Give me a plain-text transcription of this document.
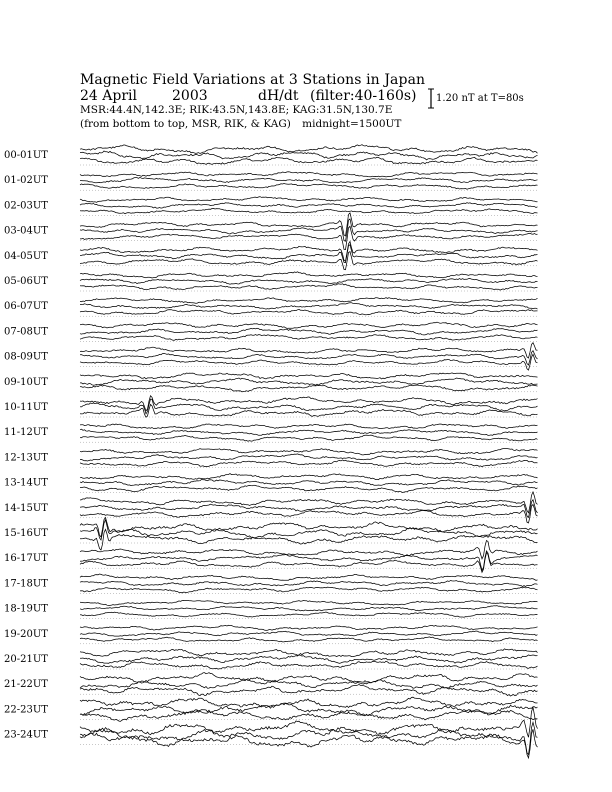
Magnetic Field Variations at 3 Stations in Japan
24 April	2003	dH/dt (filter:40-160s)
MSR:44.4N,142.3E; RIK:43.5N,143.8E; KAG:31.5N,130.7E
(from bottom to top, MSR, RIK, & KAG) midnight=1500UT
1.20 nT at T=80s
00-01UT
01-02UT
02-03UT
03-04UT
04-05UT
05-06UT
06-07UT
07-08UT
08-09UT
09-10UT
10-11UT
11-12UT
12-13UT
13-14UT
14-15UT
15-16UT
16-17UT
17-18UT
18-19UT
19-20UT
20-21UT
21-22UT
22-23UT
23-24UT
